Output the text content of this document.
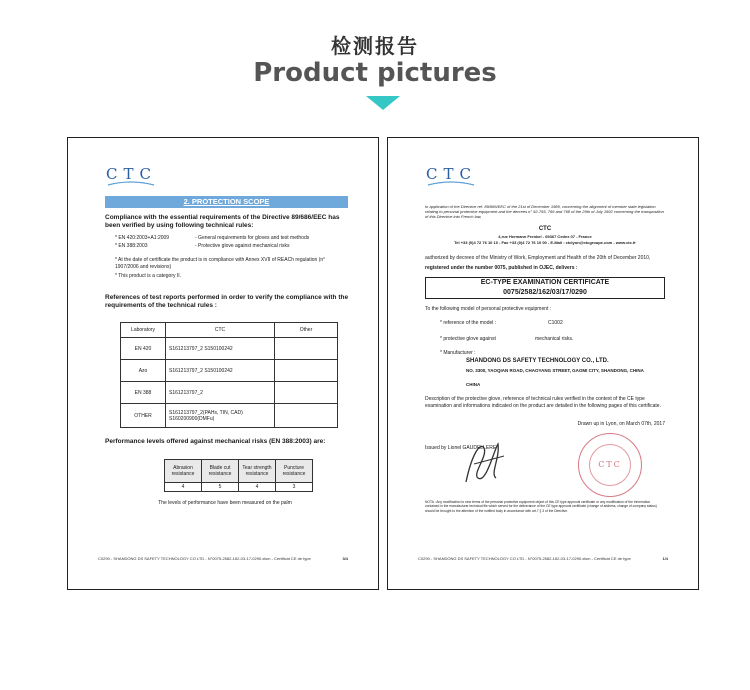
检测报告
Product pictures
CTC
2. PROTECTION SCOPE
Compliance with the essential requirements of the Directive 89/686/EEC has been verified by using following technical rules:
* EN 420:2003+A1:2009	- General requirements for gloves and test methods
* EN 388:2003	- Protective glove against mechanical risks
* At the date of certificate the product is in compliance with Annex XVII of REACh regulation (n° 1907/2006 and revisions)
* This product is a category II.
References of test reports performed in order to verify the compliance with the requirements of the technical rules :
Laboratory	CTC	Other
EN 420	S161213797_2 S150100242	
Azo	S161213797_2 S150100242	
EN 388	S161213797_2	
OTHER	S161213797_2(PAHs, TIN, CAD) S160200900(DMFu)	
Performance levels offered against mechanical risks (EN 388:2003) are:
Abrasion resistance	Blade cut resistance	Tear strength resistance	Puncture resistance
4	5	4	3
The levels of performance have been measured on the palm
C0290 - SHANDONG DS SAFETY TECHNOLOGY CO LTD - N°0075-2582-162-03-17-0290.xlsm - Certificat CE de type	3/4
CTC
In application of the Directive ref. 89/686/EEC of the 21st of December 1989, concerning the alignment of member state legislation relating to personal protective equipment and the decrees n° 92-765, 766 and 768 of the 29th of July 1992 concerning the transposition of this Directive into French law,
CTC
4,rue Hermann Frenkel - 69367 Cedex 07 - France
Tel +33 (0)4 72 76 10 10 - Fax +33 (0)4 72 76 10 00 - E-Mail : ctclyon@ctcgroupe.com - www.ctc.fr
authorized by decrees of the Ministry of Work, Employment and Health of the 20th of December 2010,
registered under the number 0075, published in OJEC, delivers :
EC-TYPE EXAMINATION CERTIFICATE
0075/2582/162/03/17/0290
To the following model of personal protective equipment :
* reference of the model :	C1002
* protective glove against	mechanical risks.
* Manufacturer :
SHANDONG DS SAFETY TECHNOLOGY CO., LTD.
NO. 3300, YAOQIAN ROAD, CHAOYANG STREET, GAOMI CITY, SHANDONG, CHINA
CHINA
Description of the protective glove, reference of technical rules verified in the context of the CE type examination and informations indicated on the product are detailed in the following pages of this certificate.
Drawn up in Lyon, on March 07th, 2017
Issued by Lionel GAUDELLERE
CTC
NOTA : Any modification to new terms of the personal protective equipment object of this CE type approval certificate or any modification of the information contained in the manufacturer technical file which served for the deliverance of the CE type approval certificate (change of address, change of company status) should be brought to the attention of the notified body in accordance with art.7 § 3 of the Directive.
C0290 - SHANDONG DS SAFETY TECHNOLOGY CO LTD - N°0075-2582-162-03-17-0290.xlsm - Certificat CE de type	1/4
